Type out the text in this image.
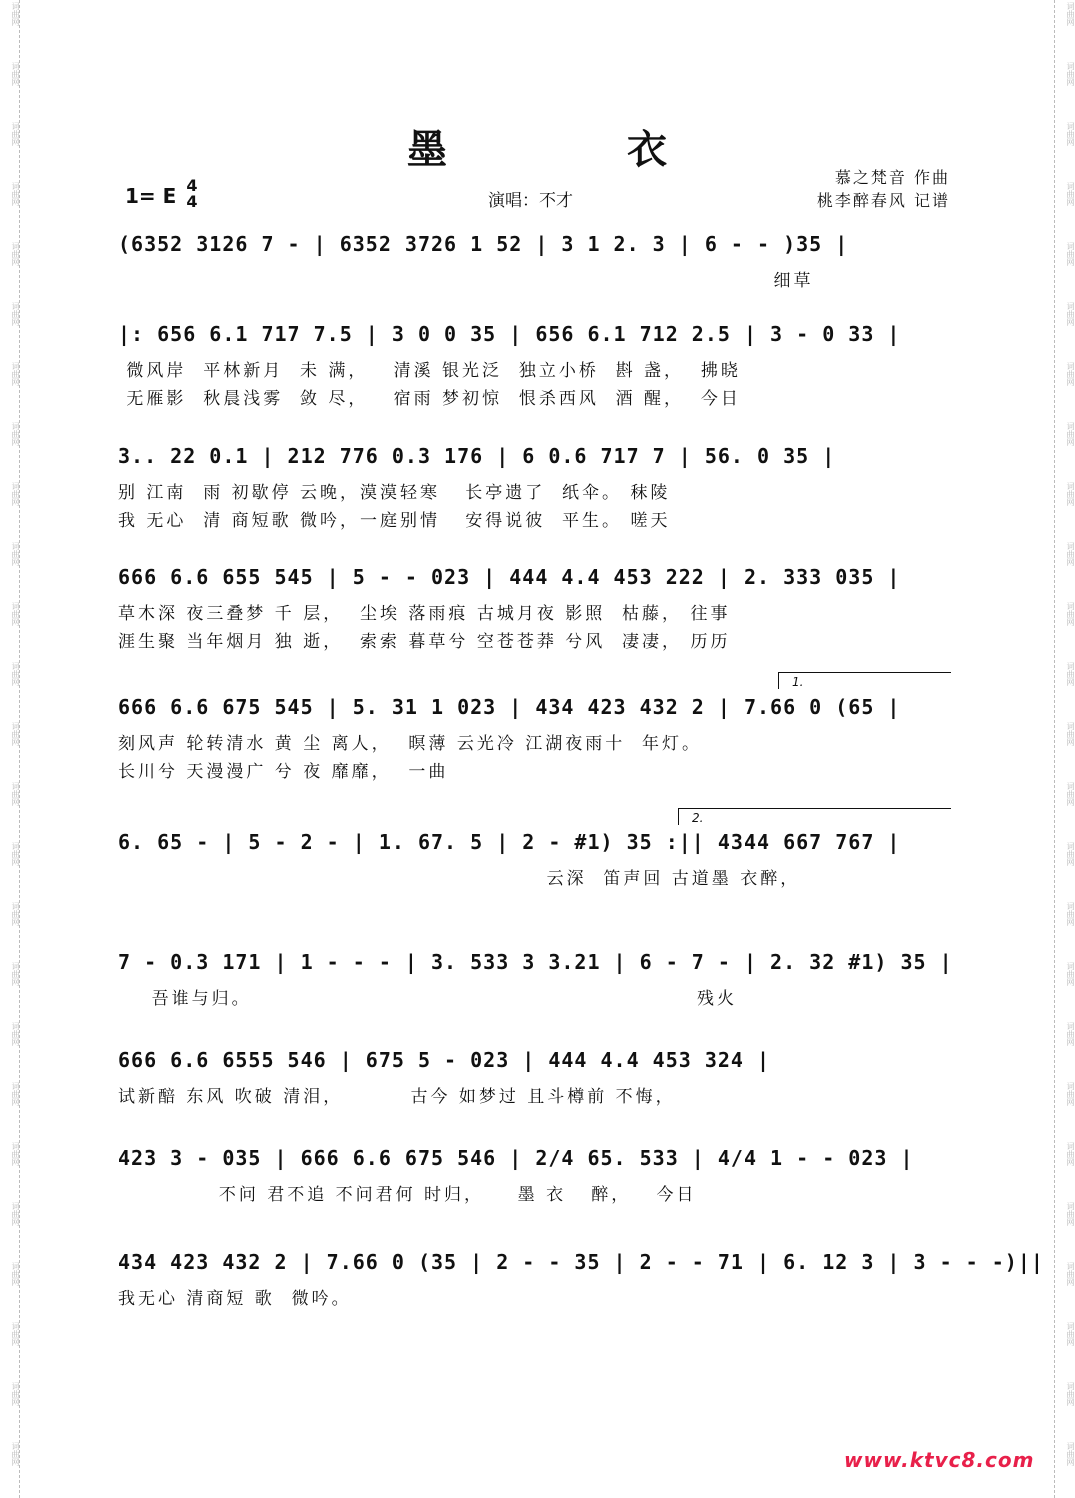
词曲网
词曲网
词曲网
词曲网
词曲网
词曲网
词曲网
词曲网
词曲网
词曲网
词曲网
词曲网
词曲网
词曲网
词曲网
词曲网
词曲网
词曲网
词曲网
词曲网
词曲网
词曲网
词曲网
词曲网
词曲网
词曲网
词曲网
词曲网
词曲网
词曲网
词曲网
词曲网
词曲网
词曲网
词曲网
词曲网
词曲网
词曲网
词曲网
词曲网
词曲网
词曲网
词曲网
词曲网
词曲网
词曲网
词曲网
词曲网
词曲网
词曲网
墨　衣
1= E 4
4	演唱：不才
慕之梵音 作曲
桃李醉春风 记谱
(6352 3126 7 - | 6352 3726 1 52 | 3 1 2. 3 | 6 - - )35 |
细草
|: 656 6.1 717 7.5 | 3 0 0 35 | 656 6.1 712 2.5 | 3 - 0 33 |
微风岸  平林新月  未 满，   清溪 银光泛  独立小桥  斟 盏，  拂晓
无雁影  秋晨浅雾  敛 尽，   宿雨 梦初惊  恨杀西风  酒 醒，  今日
3.. 22 0.1 | 212 776 0.3 176 | 6 0.6 717 7 | 56. 0 35 |
别 江南  雨 初歇停 云晚，漠漠轻寒   长亭遗了  纸伞。 秣陵
我 无心  清 商短歌 微吟，一庭别情   安得说彼  平生。 嗟天
666 6.6 655 545 | 5 - - 023 | 444 4.4 453 222 | 2. 333 035 |
草木深 夜三叠梦 千 层，  尘埃 落雨痕 古城月夜 影照  枯藤， 往事
涯生聚 当年烟月 独 逝，  索索 暮草兮 空苍苍莽 兮风  凄凄， 历历
666 6.6 675 545 | 5. 31 1 023 | 434 423 432 2 | 7.66 0 (65 |
刻风声 轮转清水 黄 尘 离人，  暝薄 云光冷 江湖夜雨十  年灯。
长川兮 天漫漫广 兮 夜 靡靡，  一曲
6. 65 - | 5 - 2 - | 1. 67. 5 | 2 - #1) 35 :|| 4344 667 767 |
云深  笛声回 古道墨 衣醉，
7 - 0.3 171 | 1 - - - | 3. 533 3 3.21 | 6 - 7 - | 2. 32 #1) 35 |
吾谁与归。                                                     残火
666 6.6 6555 546 | 675 5 - 023 | 444 4.4 453 324 |
试新醅 东风 吹破 清泪，        古今 如梦过 且斗樽前 不悔，
423 3 - 035 | 666 6.6 675 546 | 2/4 65. 533 | 4/4 1 - - 023 |
不问 君不追 不问君何 时归，    墨 衣   醉，   今日
434 423 432 2 | 7.66 0 (35 | 2 - - 35 | 2 - - 71 | 6. 12 3 | 3 - - -)||
我无心 清商短 歌  微吟。
1.
2.
www.ktvc8.com
